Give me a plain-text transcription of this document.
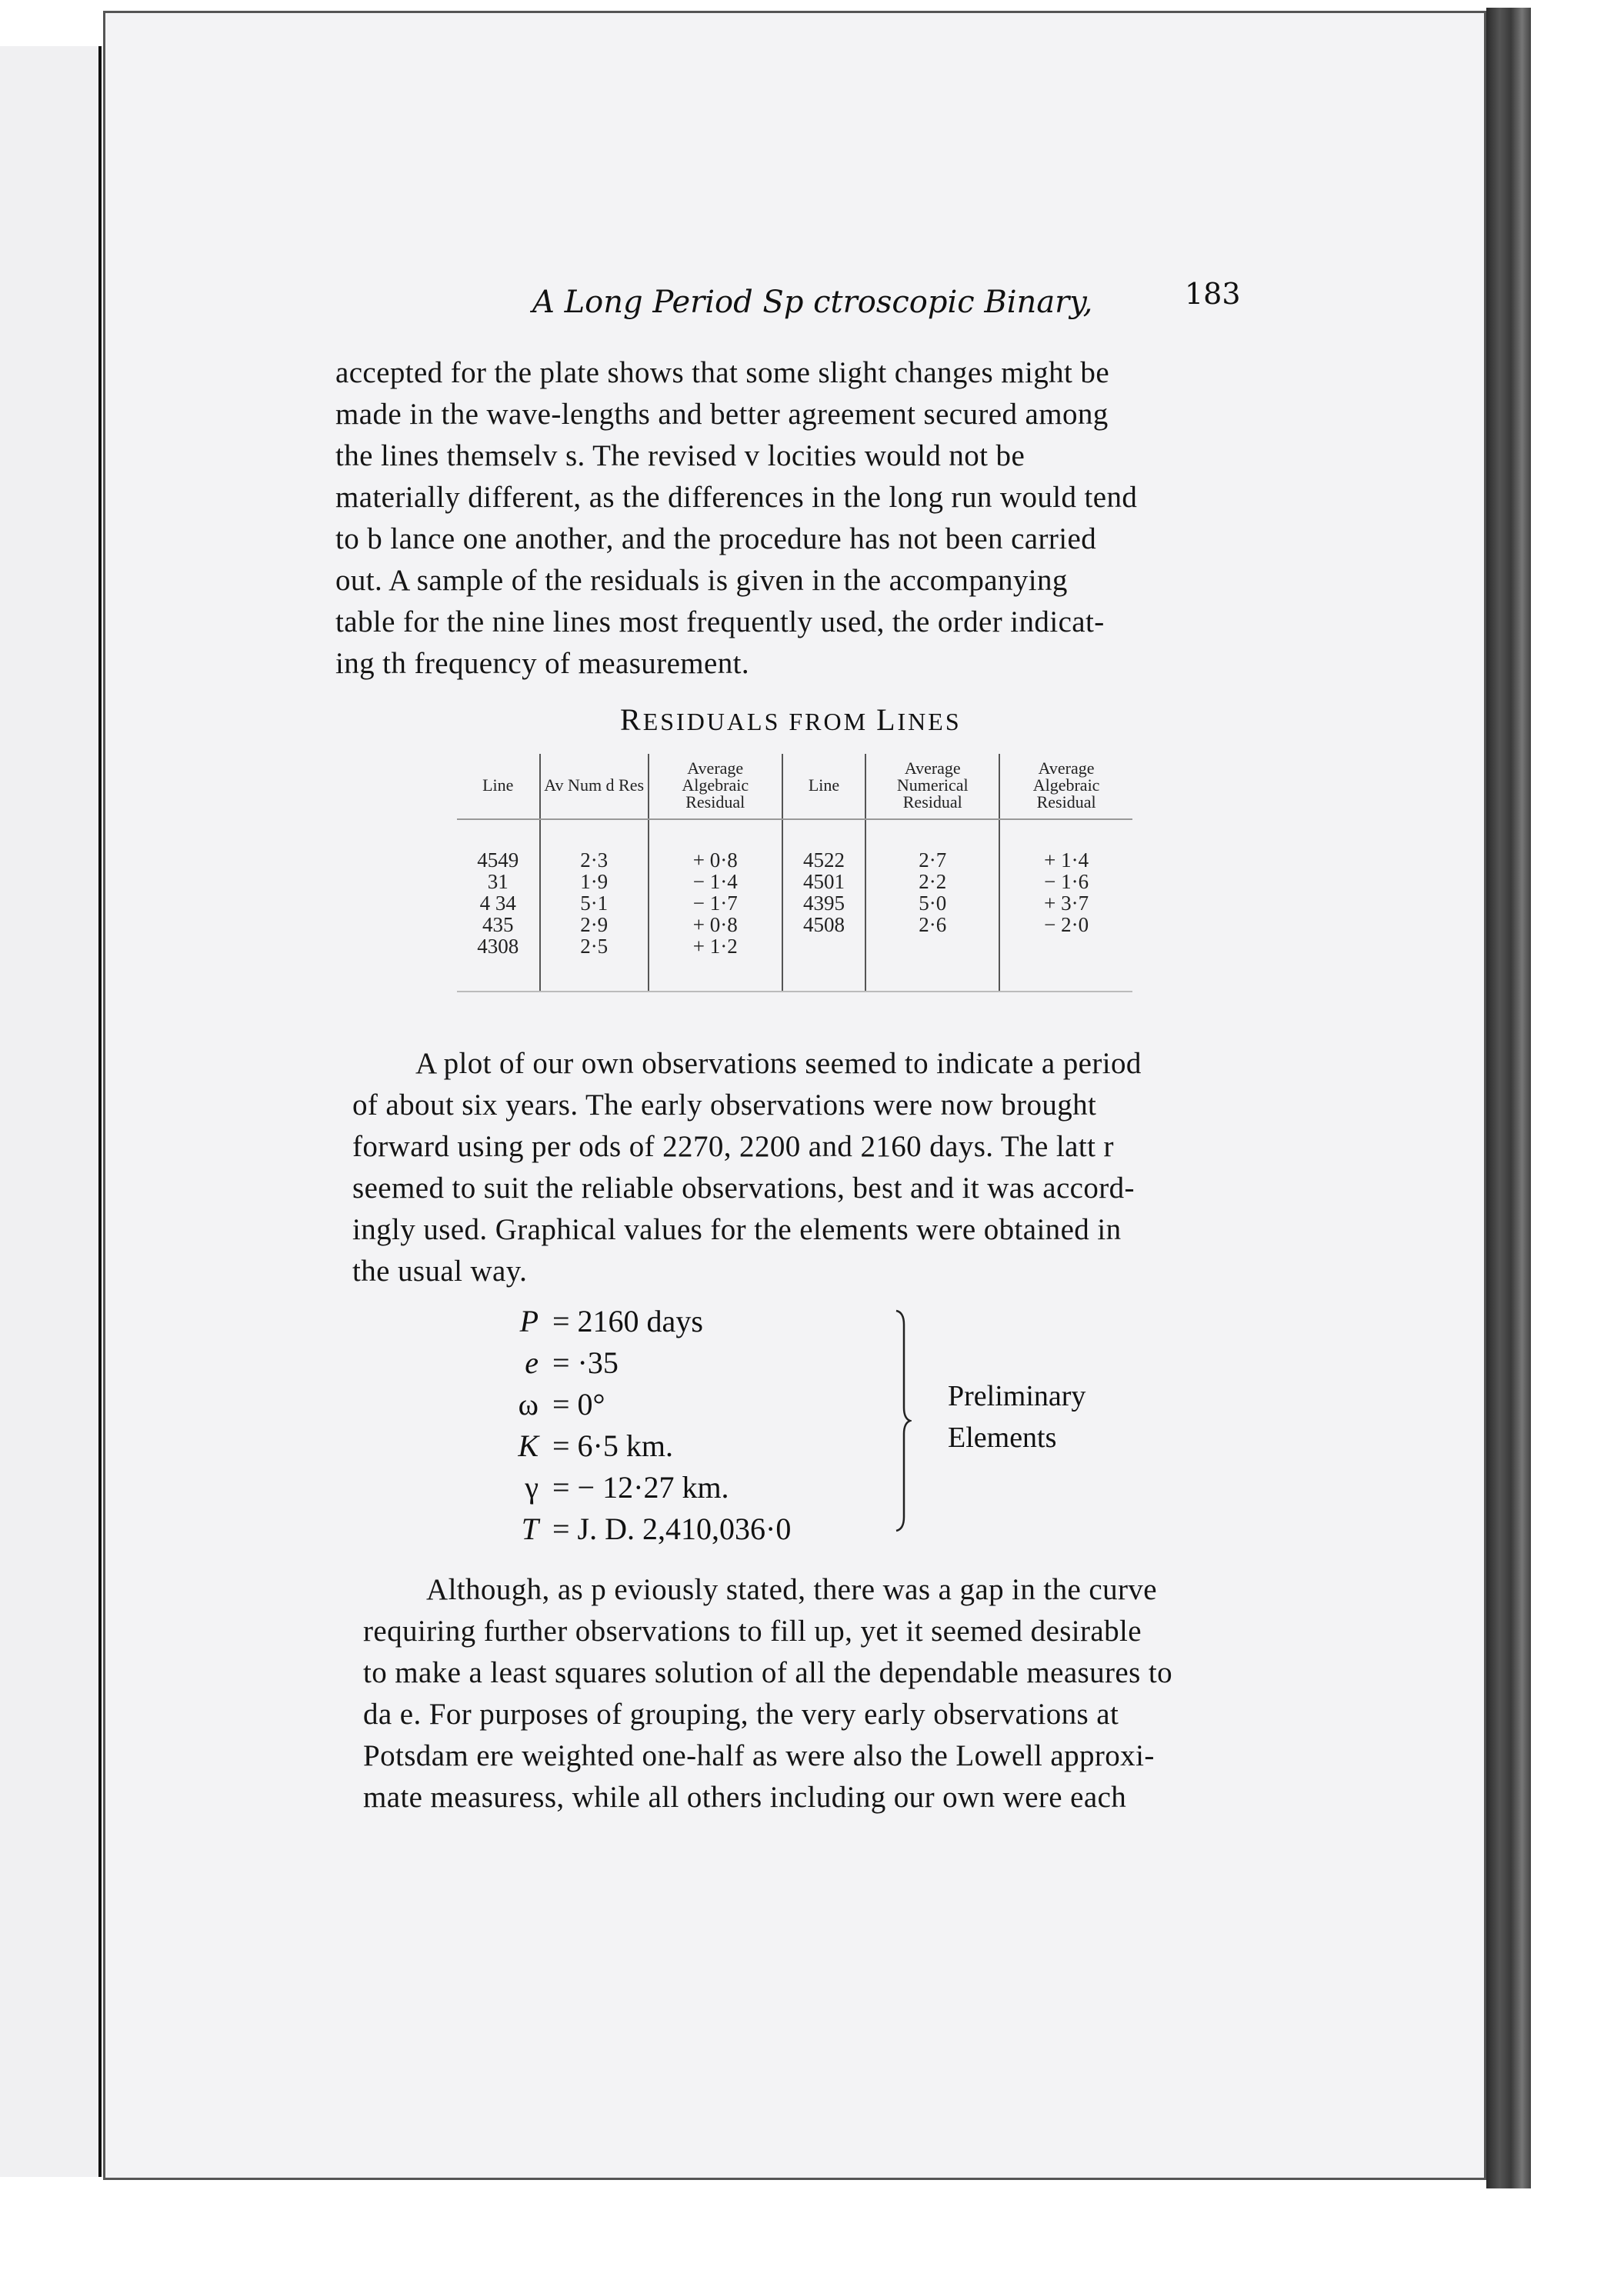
A Long Period Sp ctroscopic Binary,	183
accepted for the plate shows that some slight changes might be
made in the wave-lengths and better agreement secured among
the lines themselv s. The revised v locities would not be
materially different, as the differences in the long run would tend
to b lance one another, and the procedure has not been carried
out. A sample of the residuals is given in the accompanying
table for the nine lines most frequently used, the order indicat-
ing th frequency of measurement.
RESIDUALS FROM LINES
Line	Av Num d Res	Average Algebraic Residual	Line	Average Numerical Residual	Average Algebraic Residual

4549	2·3	+ 0·8	4522	2·7	+ 1·4
31	1·9	− 1·4	4501	2·2	− 1·6
4 34	5·1	− 1·7	4395	5·0	+ 3·7
435	2·9	+ 0·8	4508	2·6	− 2·0
4308	2·5	+ 1·2			

A plot of our own observations seemed to indicate a period
of about six years. The early observations were now brought
forward using per ods of 2270, 2200 and 2160 days. The latt r
seemed to suit the reliable observations, best and it was accord-
ingly used. Graphical values for the elements were obtained in
the usual way.
P = 2160 days
e = ·35
ω = 0°
K = 6·5 km.
γ = − 12·27 km.
T = J. D. 2,410,036·0
Preliminary
Elements
Although, as p eviously stated, there was a gap in the curve
requiring further observations to fill up, yet it seemed desirable
to make a least squares solution of all the dependable measures to
da e. For purposes of grouping, the very early observations at
Potsdam ere weighted one-half as were also the Lowell approxi-
mate measuress, while all others including our own were each
